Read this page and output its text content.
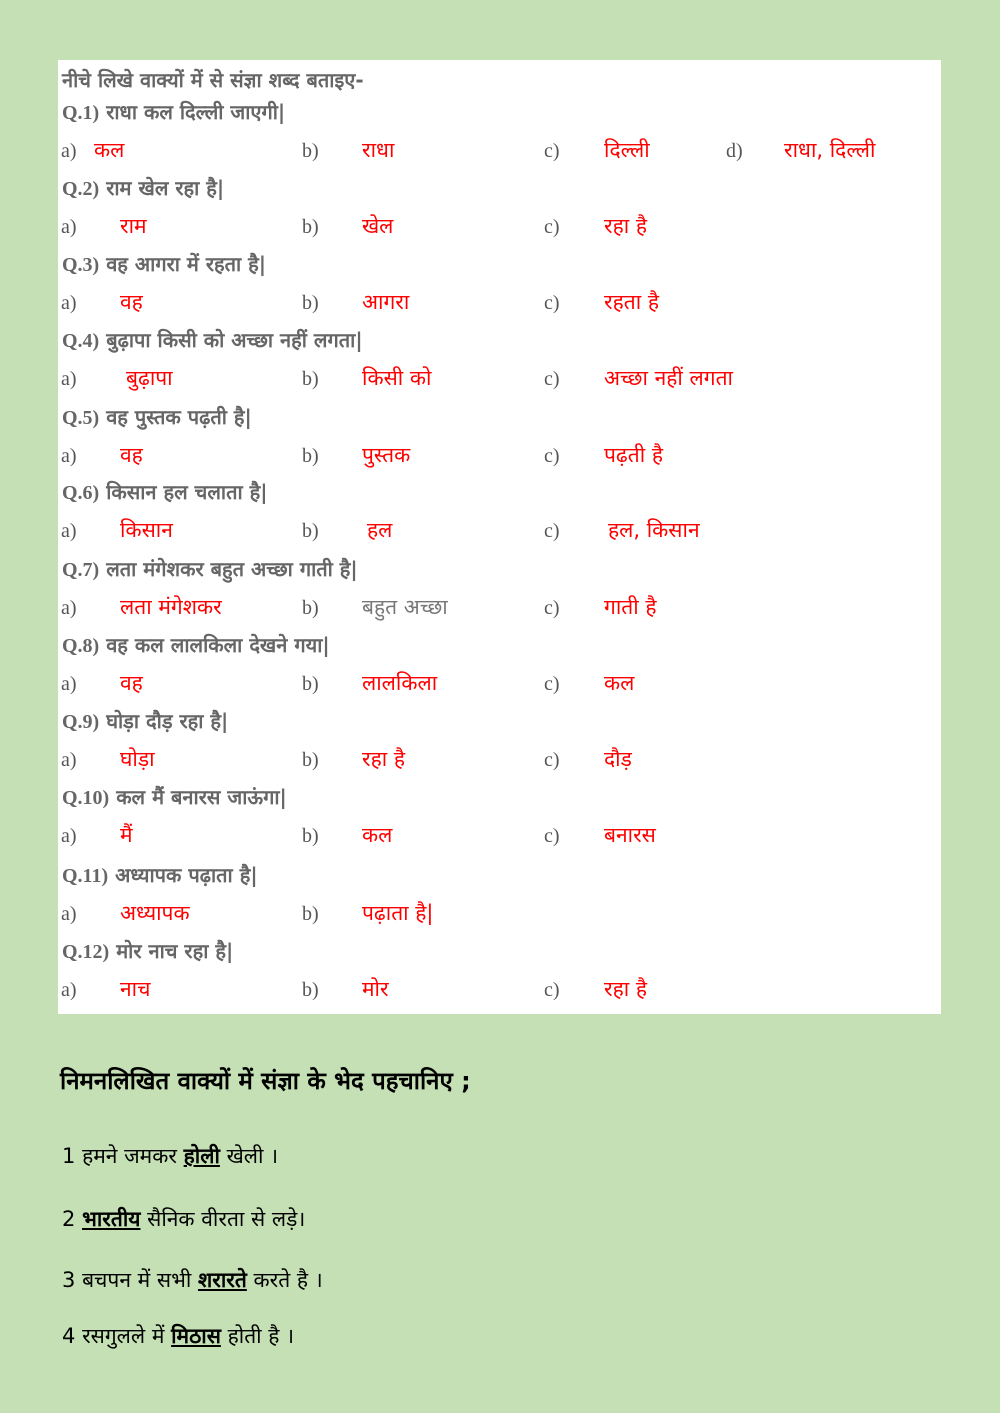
नीचे लिखे वाक्यों में से संज्ञा शब्द बताइए-
Q.1) राधा कल दिल्ली जाएगी|
a) कल	b) राधा	c) दिल्ली	d) राधा, दिल्ली
Q.2) राम खेल रहा है|
a) राम	b) खेल	c) रहा है
Q.3) वह आगरा में रहता है|
a) वह	b) आगरा	c) रहता है
Q.4) बुढ़ापा किसी को अच्छा नहीं लगता|
a) बुढ़ापा	b) किसी को	c) अच्छा नहीं लगता
Q.5) वह पुस्तक पढ़ती है|
a) वह	b) पुस्तक	c) पढ़ती है
Q.6) किसान हल चलाता है|
a) किसान	b) हल	c) हल, किसान
Q.7) लता मंगेशकर बहुत अच्छा गाती है|
a) लता मंगेशकर	b) बहुत अच्छा	c) गाती है
Q.8) वह कल लालकिला देखने गया|
a) वह	b) लालकिला	c) कल
Q.9) घोड़ा दौड़ रहा है|
a) घोड़ा	b) रहा है	c) दौड़
Q.10) कल मैं बनारस जाऊंगा|
a) मैं	b) कल	c) बनारस
Q.11) अध्यापक पढ़ाता है|
a) अध्यापक	b) पढ़ाता है|
Q.12) मोर नाच रहा है|
a) नाच	b) मोर	c) रहा है
निमनलिखित वाक्यों में संज्ञा के भेद पहचानिए ;
1 हमने जमकर होली खेली ।
2 भारतीय सैनिक वीरता से लड़े।
3 बचपन में सभी शरारते करते है ।
4 रसगुलले में मिठास होती है ।
